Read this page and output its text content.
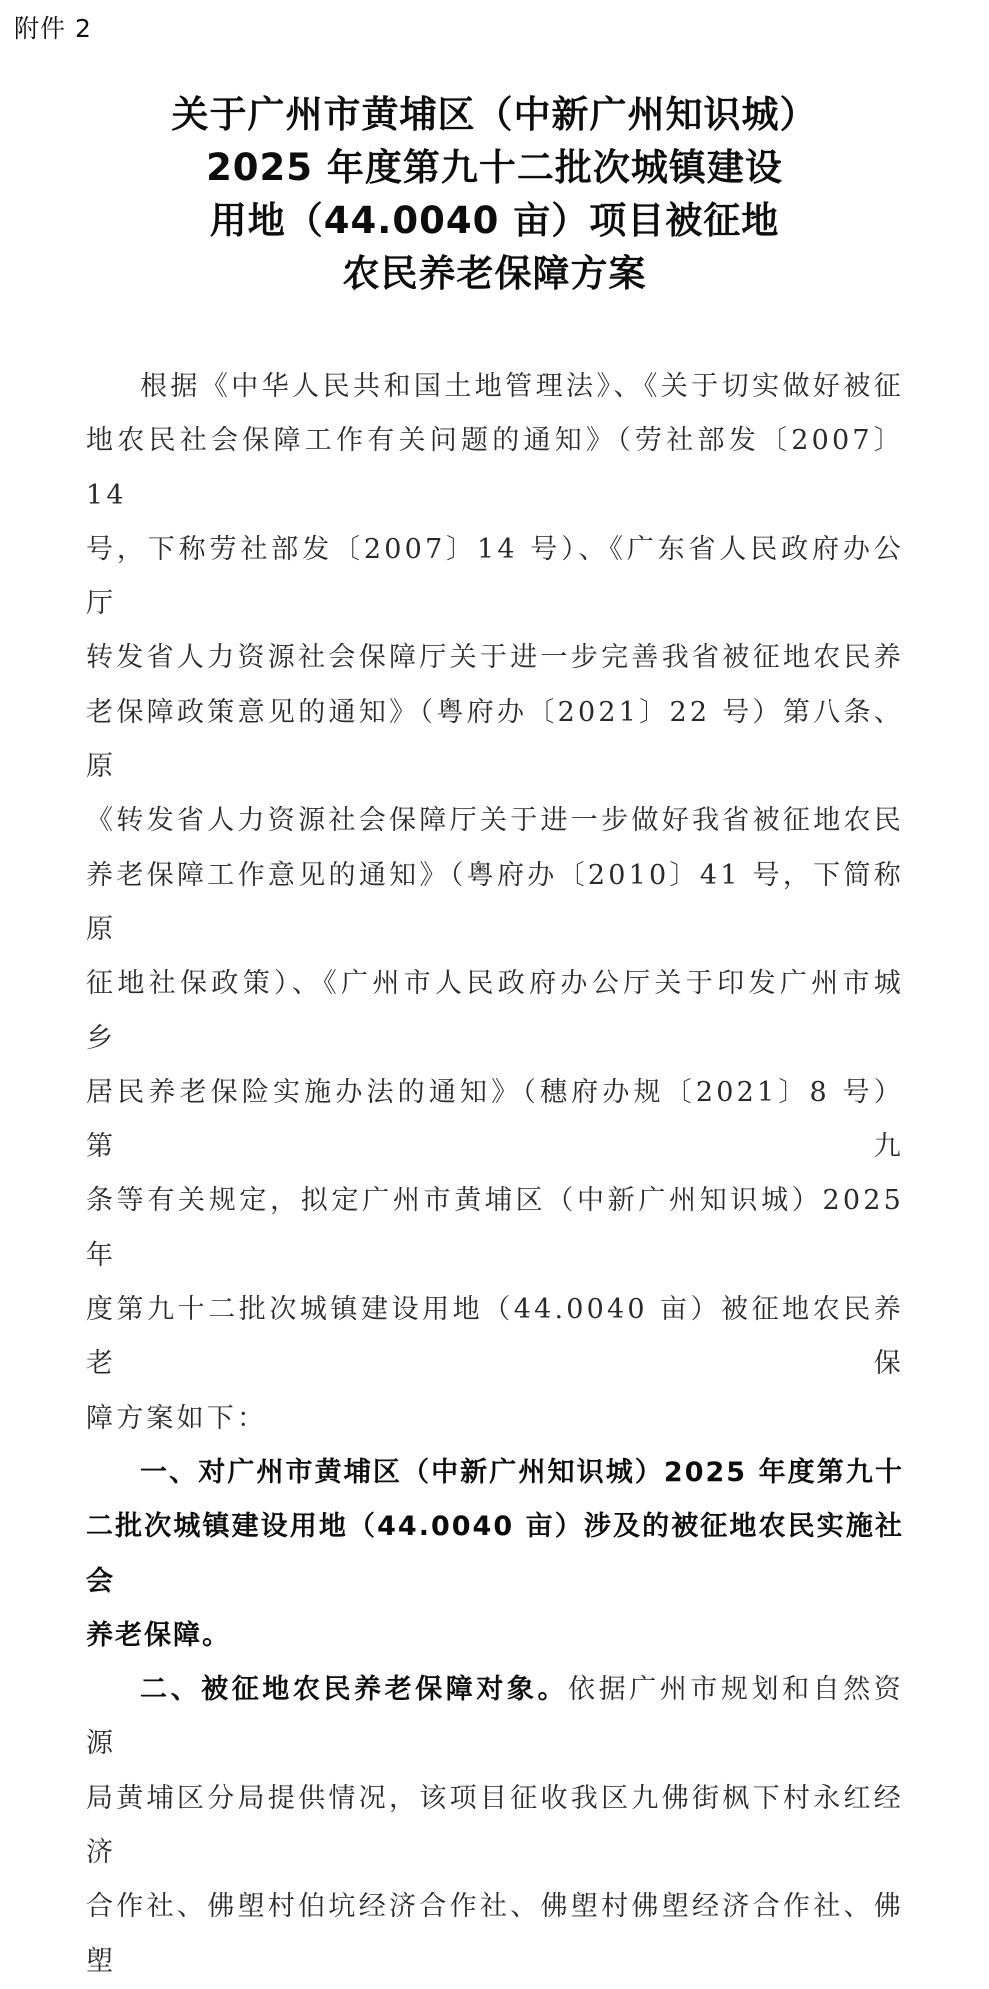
附件 2
关于广州市黄埔区（中新广州知识城）
2025 年度第九十二批次城镇建设
用地（44.0040 亩）项目被征地
农民养老保障方案

根据《中华人民共和国土地管理法》、《关于切实做好被征

地农民社会保障工作有关问题的通知》（劳社部发〔2007〕14

号，下称劳社部发〔2007〕14 号）、《广东省人民政府办公厅

转发省人力资源社会保障厅关于进一步完善我省被征地农民养

老保障政策意见的通知》（粤府办〔2021〕22 号）第八条、原

《转发省人力资源社会保障厅关于进一步做好我省被征地农民

养老保障工作意见的通知》（粤府办〔2010〕41 号，下简称原

征地社保政策）、《广州市人民政府办公厅关于印发广州市城乡

居民养老保险实施办法的通知》（穗府办规〔2021〕8 号）第九

条等有关规定，拟定广州市黄埔区（中新广州知识城）2025 年

度第九十二批次城镇建设用地（44.0040 亩）被征地农民养老保

障方案如下：

一、对广州市黄埔区（中新广州知识城）2025 年度第九十

二批次城镇建设用地（44.0040 亩）涉及的被征地农民实施社会

养老保障。

二、被征地农民养老保障对象。依据广州市规划和自然资源

局黄埔区分局提供情况，该项目征收我区九佛街枫下村永红经济

合作社、佛塱村伯坑经济合作社、佛塱村佛塱经济合作社、佛塱
